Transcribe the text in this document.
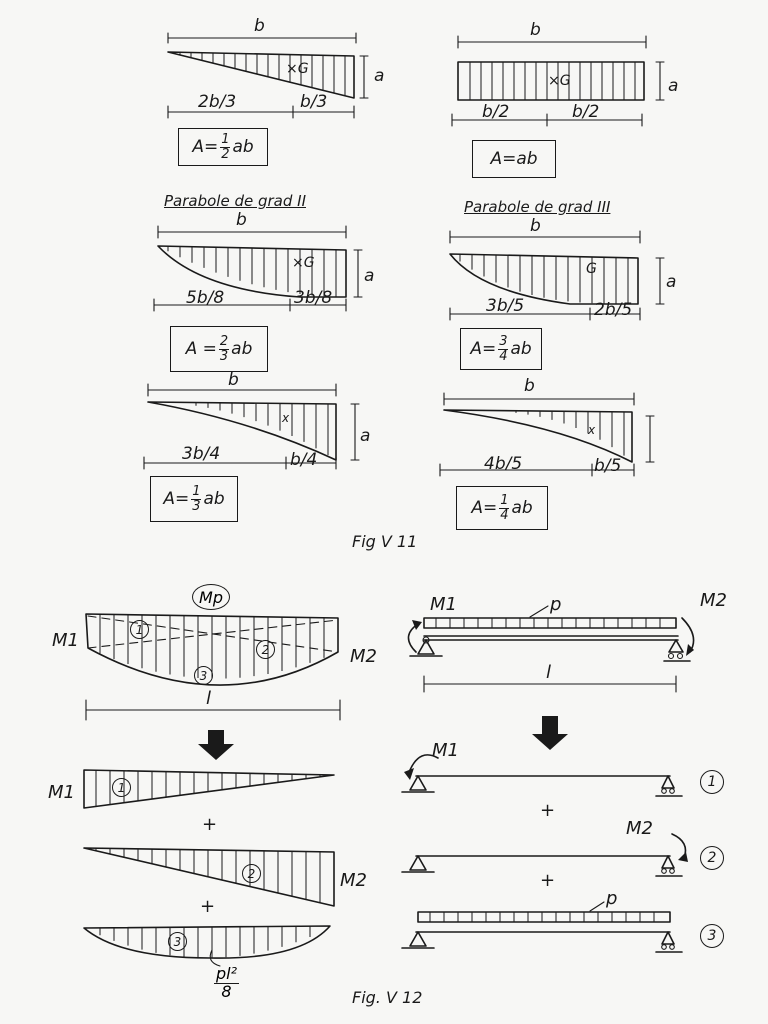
b
a
×G
2b/3	b/3
$A= \frac{1}{2}$ ab
b
a
×G
b/2	b/2
A=ab
Parabole de grad II
b
a
×G
5b/8	3b/8
$A = \frac{2}{3}$ ab
Parabole de grad III
b
a
G
3b/5	2b/5
$A= \frac{3}{4}$ ab
b
a
x
3b/4	b/4
$A= \frac{1}{3}$ ab
b
x
4b/5	b/5
$A= \frac{1}{4}$ ab
Fig V 11
Mp
M1
M2
l
1
2
3
M1	1
+
2	M2
+
3
pl²
8
M1	M2
p
l
M1
1
+
M2
2
+
p
3
Fig. V 12
